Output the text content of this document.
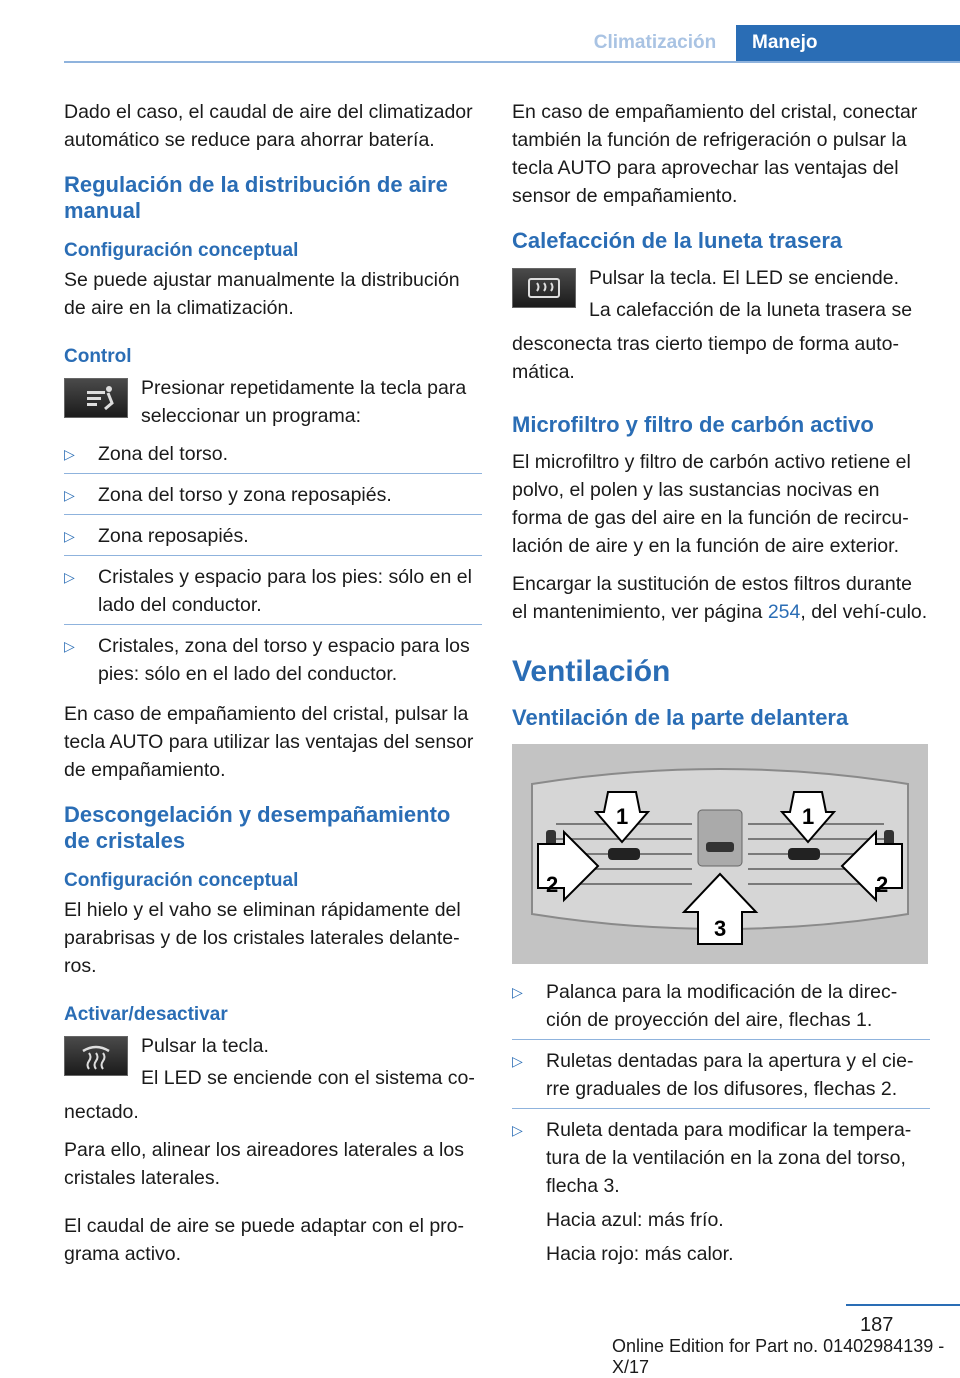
Climatización	Manejo

Dado el caso, el caudal de aire del climatizador automático se reduce para ahorrar batería.

Regulación de la distribución de aire manual
Configuración conceptual

Se puede ajustar manualmente la distribución de aire en la climatización.

Control

Presionar repetidamente la tecla para seleccionar un programa:

▷ Zona del torso.
▷ Zona del torso y zona reposapiés.
▷ Zona reposapiés.
▷ Cristales y espacio para los pies: sólo en el lado del conductor.
▷ Cristales, zona del torso y espacio para los pies: sólo en el lado del conductor.

En caso de empañamiento del cristal, pulsar la tecla AUTO para utilizar las ventajas del sensor de empañamiento.

Descongelación y desempañamiento de cristales
Configuración conceptual

El hielo y el vaho se eliminan rápidamente del parabrisas y de los cristales laterales delante‐ros.

Activar/desactivar

Pulsar la tecla.

El LED se enciende con el sistema co‐

nectado.

Para ello, alinear los aireadores laterales a los cristales laterales.

El caudal de aire se puede adaptar con el pro‐grama activo.

En caso de empañamiento del cristal, conectar también la función de refrigeración o pulsar la tecla AUTO para aprovechar las ventajas del sensor de empañamiento.

Calefacción de la luneta trasera

Pulsar la tecla. El LED se enciende.

La calefacción de la luneta trasera se

desconecta tras cierto tiempo de forma auto‐mática.

Microfiltro y filtro de carbón activo

El microfiltro y filtro de carbón activo retiene el polvo, el polen y las sustancias nocivas en forma de gas del aire en la función de recircu‐lación de aire y en la función de aire exterior.

Encargar la sustitución de estos filtros durante el mantenimiento, ver página 254, del vehí‐culo.

Ventilación
Ventilación de la parte delantera
1	1
2	2
3
▷ Palanca para la modificación de la direc‐ción de proyección del aire, flechas 1.
▷ Ruletas dentadas para la apertura y el cie‐rre graduales de los difusores, flechas 2.
▷ Ruleta dentada para modificar la tempera‐tura de la ventilación en la zona del torso, flecha 3.

Hacia azul: más frío.

Hacia rojo: más calor.

187
Online Edition for Part no. 01402984139 - X/17
